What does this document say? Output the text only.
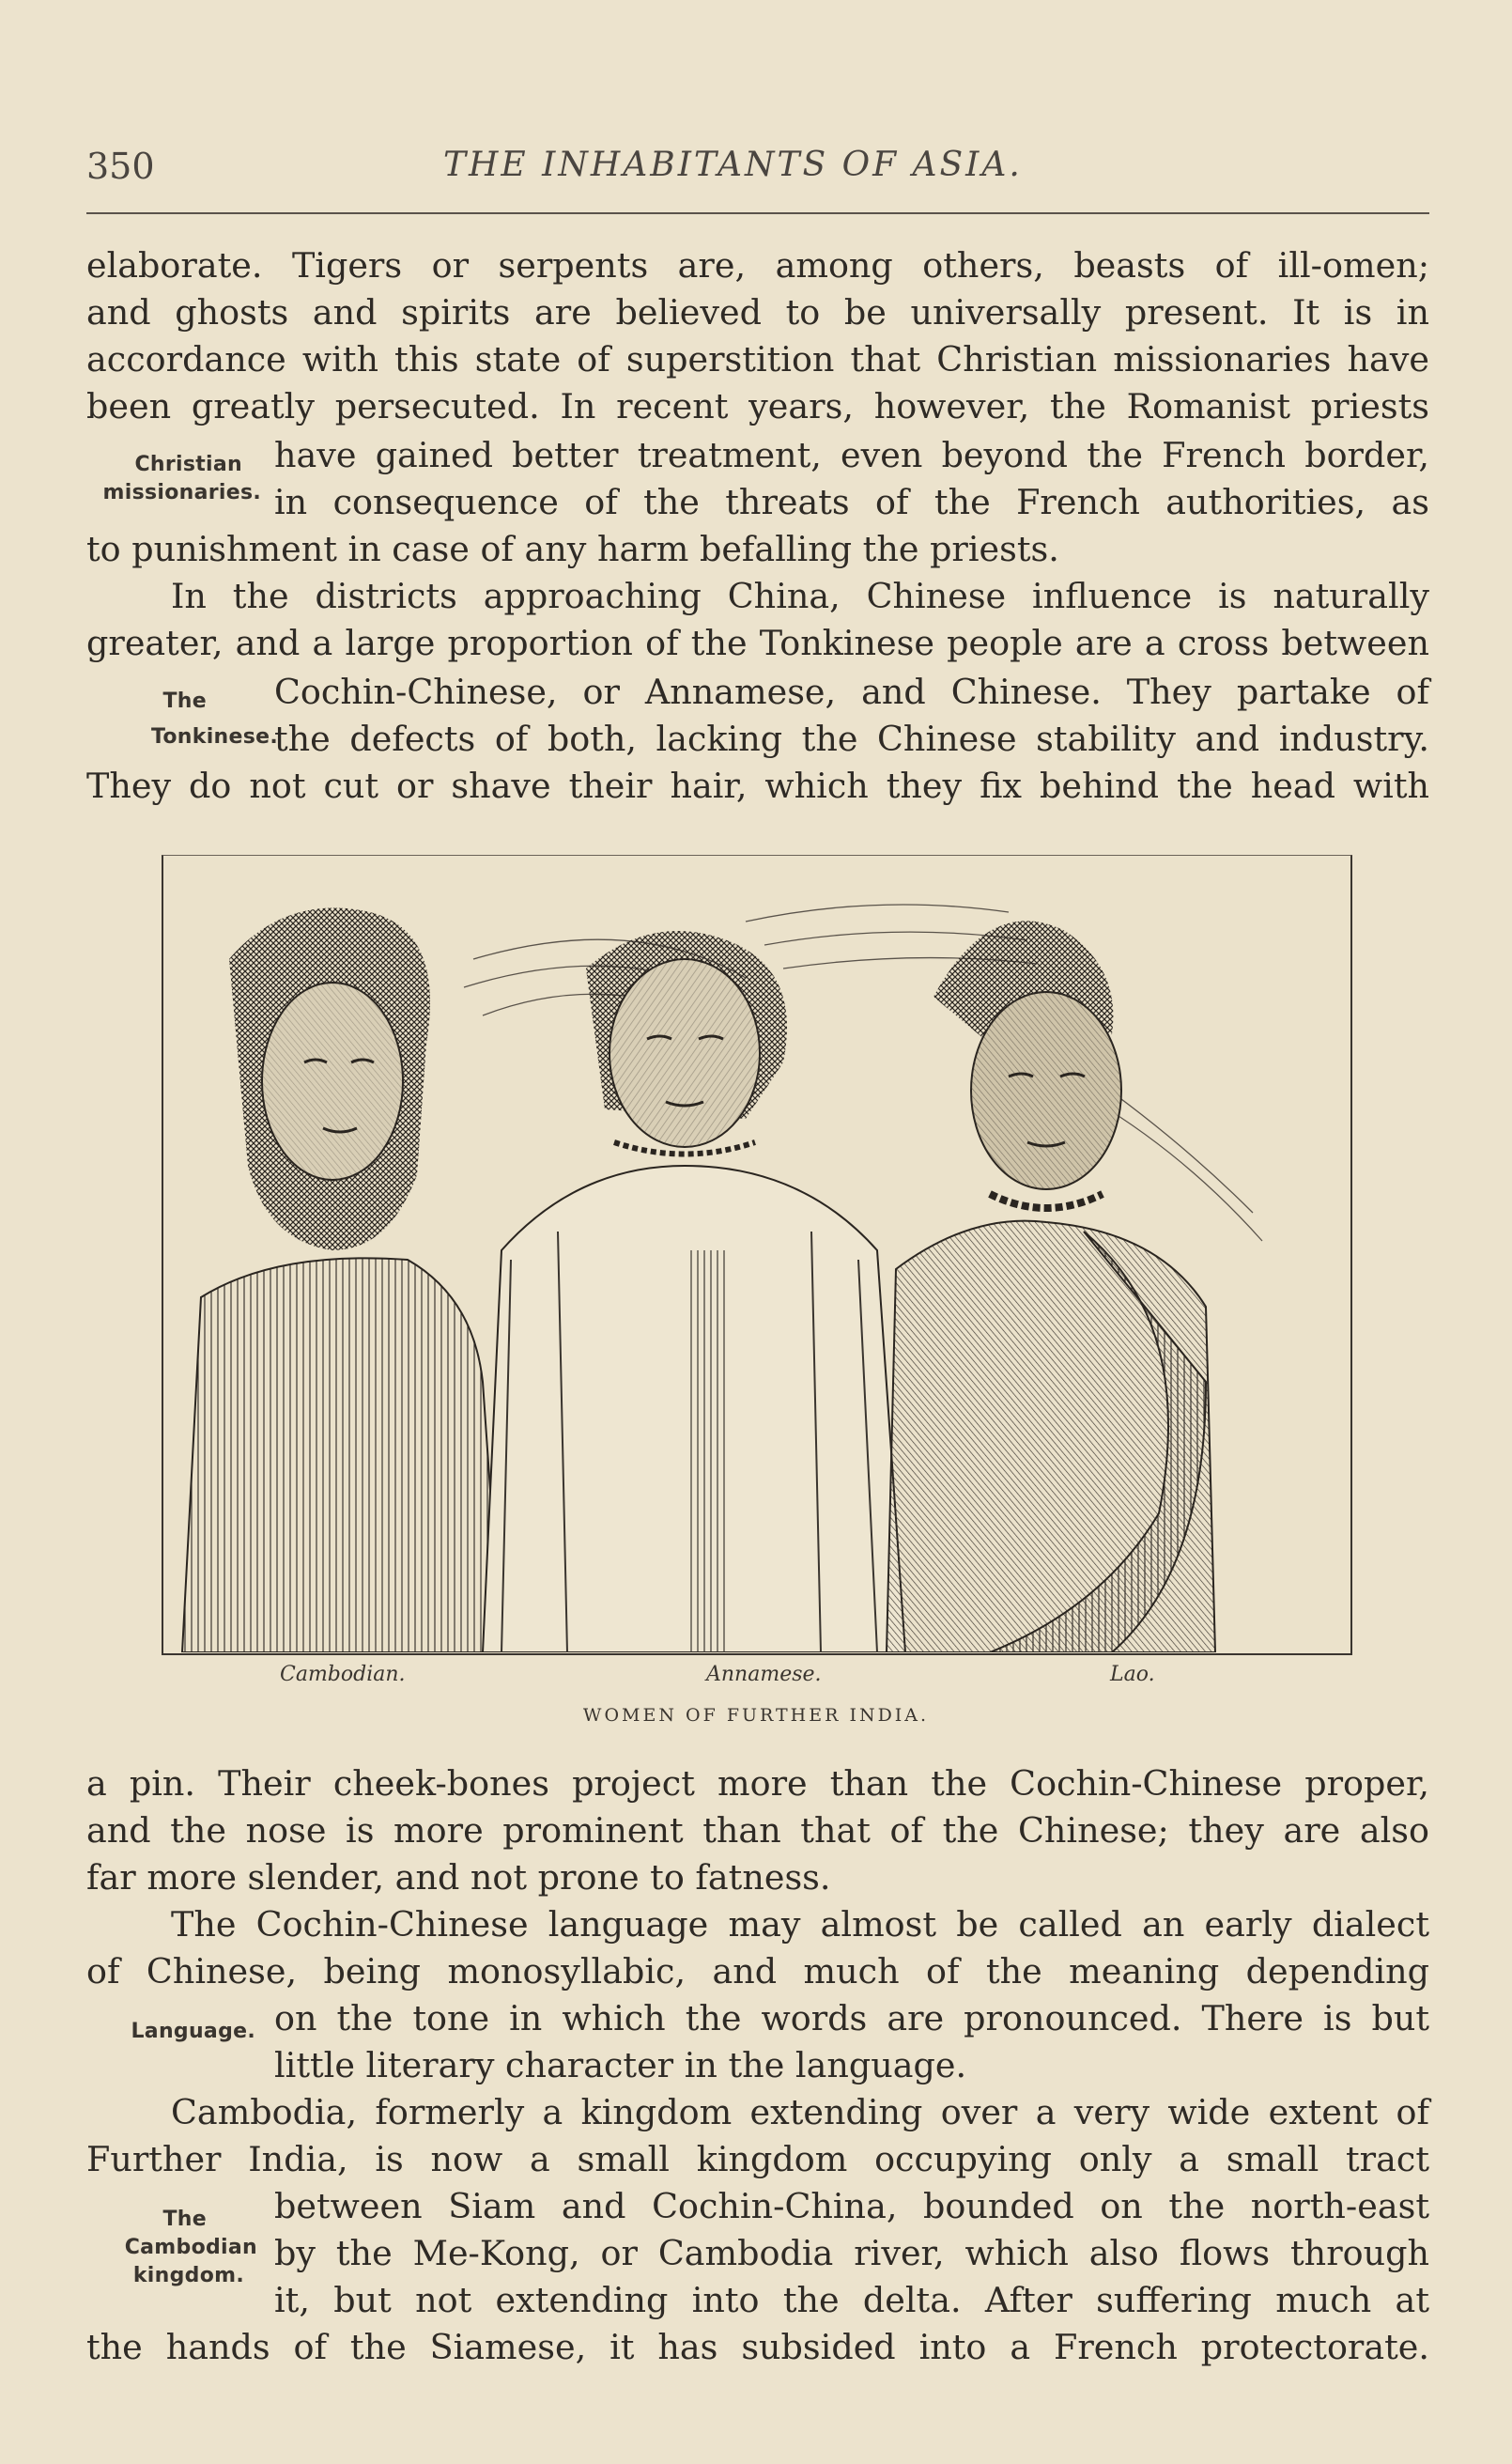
350	THE INHABITANTS OF ASIA.
elaborate. Tigers or serpents are, among others, beasts of ill-omen;
and ghosts and spirits are believed to be universally present. It is in
accordance with this state of superstition that Christian missionaries have
been greatly persecuted. In recent years, however, the Romanist priests
have gained better treatment, even beyond the French border,
in consequence of the threats of the French authorities, as
to punishment in case of any harm befalling the priests.
In the districts approaching China, Chinese influence is naturally
greater, and a large proportion of the Tonkinese people are a cross between
Cochin-Chinese, or Annamese, and Chinese. They partake of
the defects of both, lacking the Chinese stability and industry.
They do not cut or shave their hair, which they fix behind the head with
Christian
missionaries.
The
Tonkinese.
Cambodian.	Annamese.	Lao.
WOMEN OF FURTHER INDIA.
a pin. Their cheek-bones project more than the Cochin-Chinese proper,
and the nose is more prominent than that of the Chinese; they are also
far more slender, and not prone to fatness.
The Cochin-Chinese language may almost be called an early dialect
of Chinese, being monosyllabic, and much of the meaning depending
on the tone in which the words are pronounced. There is but
little literary character in the language.
Cambodia, formerly a kingdom extending over a very wide extent of
Further India, is now a small kingdom occupying only a small tract
between Siam and Cochin-China, bounded on the north-east
by the Me-Kong, or Cambodia river, which also flows through
it, but not extending into the delta. After suffering much at
the hands of the Siamese, it has subsided into a French protectorate.
Language.
The
Cambodian
kingdom.
